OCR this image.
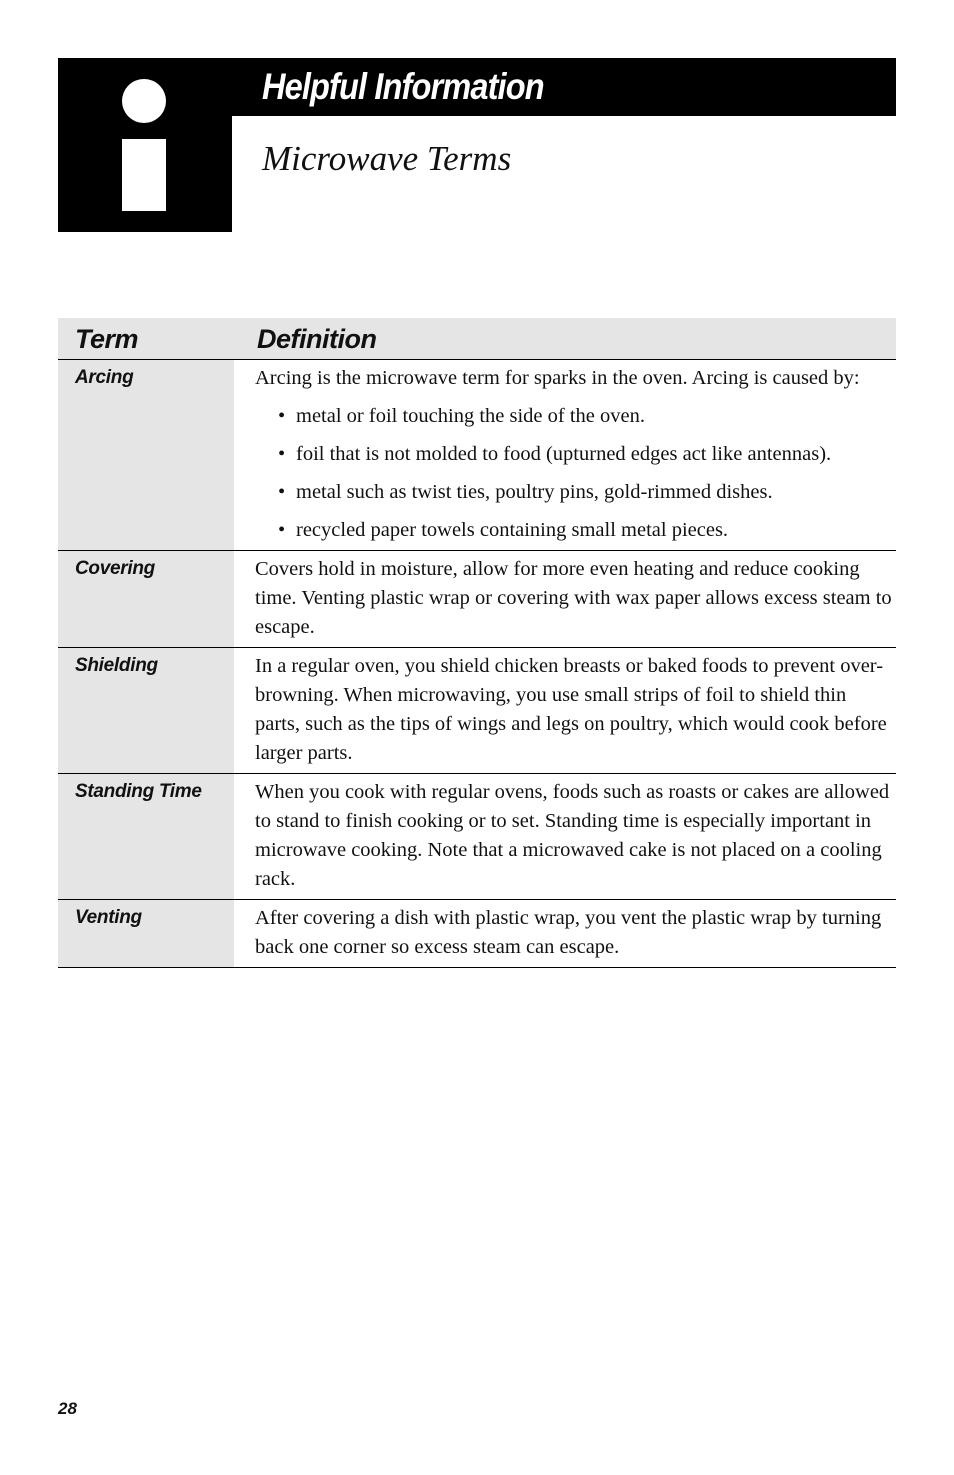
Helpful Information
Microwave Terms
Term	Definition
Arcing	Arcing is the microwave term for sparks in the oven. Arcing is caused by:

• metal or foil touching the side of the oven.
• foil that is not molded to food (upturned edges act like antennas).
• metal such as twist ties, poultry pins, gold-rimmed dishes.
• recycled paper towels containing small metal pieces.
Covering	Covers hold in moisture, allow for more even heating and reduce cooking time. Venting plastic wrap or covering with wax paper allows excess steam to escape.

Shielding	In a regular oven, you shield chicken breasts or baked foods to prevent over-browning. When microwaving, you use small strips of foil to shield thin parts, such as the tips of wings and legs on poultry, which would cook before larger parts.

Standing Time	When you cook with regular ovens, foods such as roasts or cakes are allowed to stand to finish cooking or to set. Standing time is especially important in microwave cooking. Note that a microwaved cake is not placed on a cooling rack.

Venting	After covering a dish with plastic wrap, you vent the plastic wrap by turning back one corner so excess steam can escape.

28
